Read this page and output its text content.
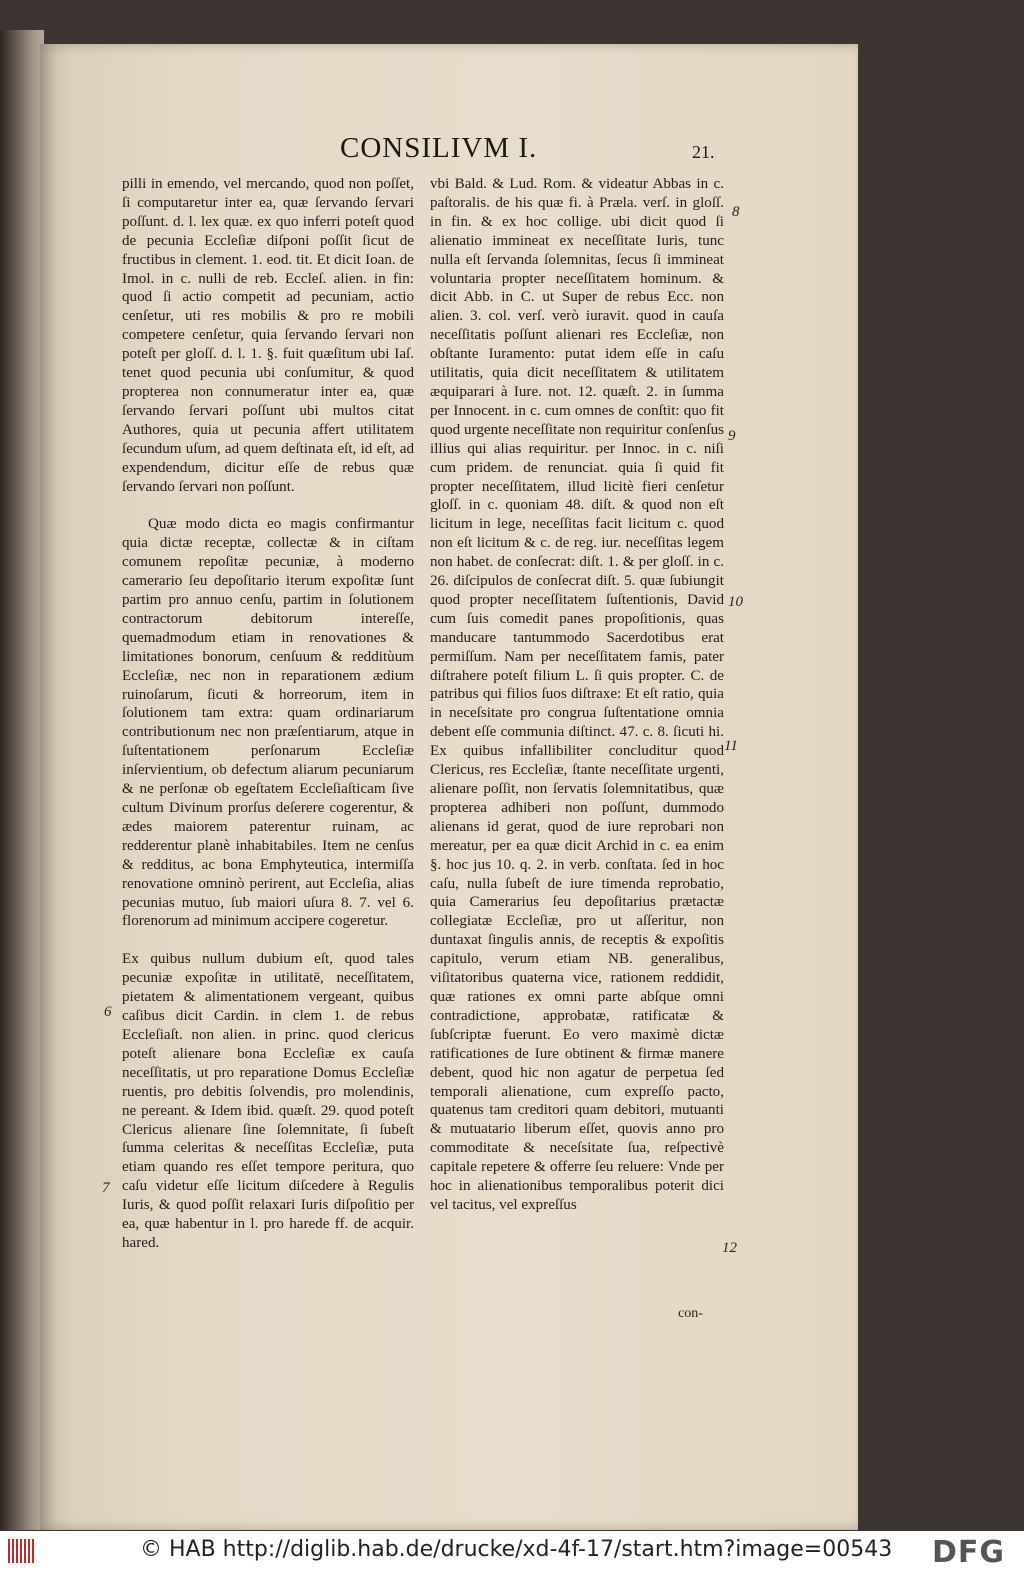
CONSILIVM I.	21.

pilli in emendo, vel mercando, quod non poſſet, ſi computaretur inter ea, quæ ſervando ſervari poſſunt. d. l. lex quæ. ex quo inferri poteſt quod de pecunia Eccleſiæ diſponi poſſit ſicut de fructibus in clement. 1. eod. tit. Et dicit Ioan. de Imol. in c. nulli de reb. Eccleſ. alien. in fin: quod ſi actio competit ad pecuniam, actio cenſetur, uti res mobilis & pro re mobili competere cenſetur, quia ſervando ſervari non poteſt per gloſſ. d. l. 1. §. fuit quæſitum ubi Iaſ. tenet quod pecunia ubi conſumitur, & quod propterea non connumeratur inter ea, quæ ſervando ſervari poſſunt ubi multos citat Authores, quia ut pecunia affert utilitatem ſecundum uſum, ad quem deſtinata eſt, id eſt, ad expendendum, dicitur eſſe de rebus quæ ſervando ſervari non poſſunt.

Quæ modo dicta eo magis confirmantur quia dictæ receptæ, collectæ & in ciſtam comunem repoſitæ pecuniæ, à moderno camerario ſeu depoſitario iterum expoſitæ ſunt partim pro annuo cenſu, partim in ſolutionem contractorum debitorum intereſſe, quemadmodum etiam in renovationes & limitationes bonorum, cenſuum & redditùum Eccleſiæ, nec non in reparationem ædium ruinoſarum, ſicuti & horreorum, item in ſolutionem tam extra: quam ordinariarum contributionum nec non præſentiarum, atque in ſuſtentationem perſonarum Eccleſiæ inſervientium, ob defectum aliarum pecuniarum & ne perſonæ ob egeſtatem Eccleſiaſticam ſive cultum Divinum prorſus deſerere cogerentur, & ædes maiorem paterentur ruinam, ac redderentur planè inhabitabiles. Item ne cenſus & redditus, ac bona Emphyteutica, intermiſſa renovatione omninò perirent, aut Eccleſia, alias pecunias mutuo, ſub maiori uſura 8. 7. vel 6. florenorum ad minimum accipere cogeretur.

Ex quibus nullum dubium eſt, quod tales pecuniæ expoſitæ in utilitatē, neceſſitatem, pietatem & alimentationem vergeant, quibus caſibus dicit Cardin. in clem 1. de rebus Eccleſiaſt. non alien. in princ. quod clericus poteſt alienare bona Eccleſiæ ex cauſa neceſſitatis, ut pro reparatione Domus Eccleſiæ ruentis, pro debitis ſolvendis, pro molendinis, ne pereant. & Idem ibid. quæſt. 29. quod poteſt Clericus alienare ſine ſolemnitate, ſi ſubeſt ſumma celeritas & neceſſitas Eccleſiæ, puta etiam quando res eſſet tempore peritura, quo caſu videtur eſſe licitum diſcedere à Regulis Iuris, & quod poſſit relaxari Iuris diſpoſitio per ea, quæ habentur in l. pro harede ff. de acquir. hared.

vbi Bald. & Lud. Rom. & videatur Abbas in c. paſtoralis. de his quæ fi. à Præla. verſ. in gloſſ. in fin. & ex hoc collige. ubi dicit quod ſi alienatio immineat ex neceſſitate Iuris, tunc nulla eſt ſervanda ſolemnitas, ſecus ſi immineat voluntaria propter neceſſitatem hominum. & dicit Abb. in C. ut Super de rebus Ecc. non alien. 3. col. verſ. verò iuravit. quod in cauſa neceſſitatis poſſunt alienari res Eccleſiæ, non obſtante Iuramento: putat idem eſſe in caſu utilitatis, quia dicit neceſſitatem & utilitatem æquiparari à Iure. not. 12. quæſt. 2. in ſumma per Innocent. in c. cum omnes de conſtit: quo fit quod urgente neceſſitate non requiritur conſenſus illius qui alias requiritur. per Innoc. in c. niſi cum pridem. de renunciat. quia ſi quid fit propter neceſſitatem, illud licitè fieri cenſetur gloſſ. in c. quoniam 48. diſt. & quod non eſt licitum in lege, neceſſitas facit licitum c. quod non eſt licitum & c. de reg. iur. neceſſitas legem non habet. de conſecrat: diſt. 1. & per gloſſ. in c. 26. diſcipulos de conſecrat diſt. 5. quæ ſubiungit quod propter neceſſitatem ſuſtentionis, David cum ſuis comedit panes propoſitionis, quas manducare tantummodo Sacerdotibus erat permiſſum. Nam per neceſſitatem famis, pater diſtrahere poteſt filium L. ſi quis propter. C. de patribus qui filios ſuos diſtraxe: Et eſt ratio, quia in neceſsitate pro congrua ſuſtentatione omnia debent eſſe communia diſtinct. 47. c. 8. ſicuti hi. Ex quibus infallibiliter concluditur quod Clericus, res Eccleſiæ, ſtante neceſſitate urgenti, alienare poſſit, non ſervatis ſolemnitatibus, quæ propterea adhiberi non poſſunt, dummodo alienans id gerat, quod de iure reprobari non mereatur, per ea quæ dicit Archid in c. ea enim §. hoc jus 10. q. 2. in verb. conſtata. ſed in hoc caſu, nulla ſubeſt de iure timenda reprobatio, quia Camerarius ſeu depoſitarius prætactæ collegiatæ Eccleſiæ, pro ut aſſeritur, non duntaxat ſingulis annis, de receptis & expoſitis capitulo, verum etiam NB. generalibus, viſitatoribus quaterna vice, rationem reddidit, quæ rationes ex omni parte abſque omni contradictione, approbatæ, ratificatæ & ſubſcriptæ fuerunt. Eo vero maximè dictæ ratificationes de Iure obtinent & firmæ manere debent, quod hic non agatur de perpetua ſed temporali alienatione, cum expreſſo pacto, quatenus tam creditori quam debitori, mutuanti & mutuatario liberum eſſet, quovis anno pro commoditate & neceſsitate ſua, reſpectivè capitale repetere & offerre ſeu reluere: Vnde per hoc in alienationibus temporalibus poterit dici vel tacitus, vel expreſſus

6
7
8
9
10
11
12
con-
© HAB http://diglib.hab.de/drucke/xd-4f-17/start.htm?image=00543 DFG
